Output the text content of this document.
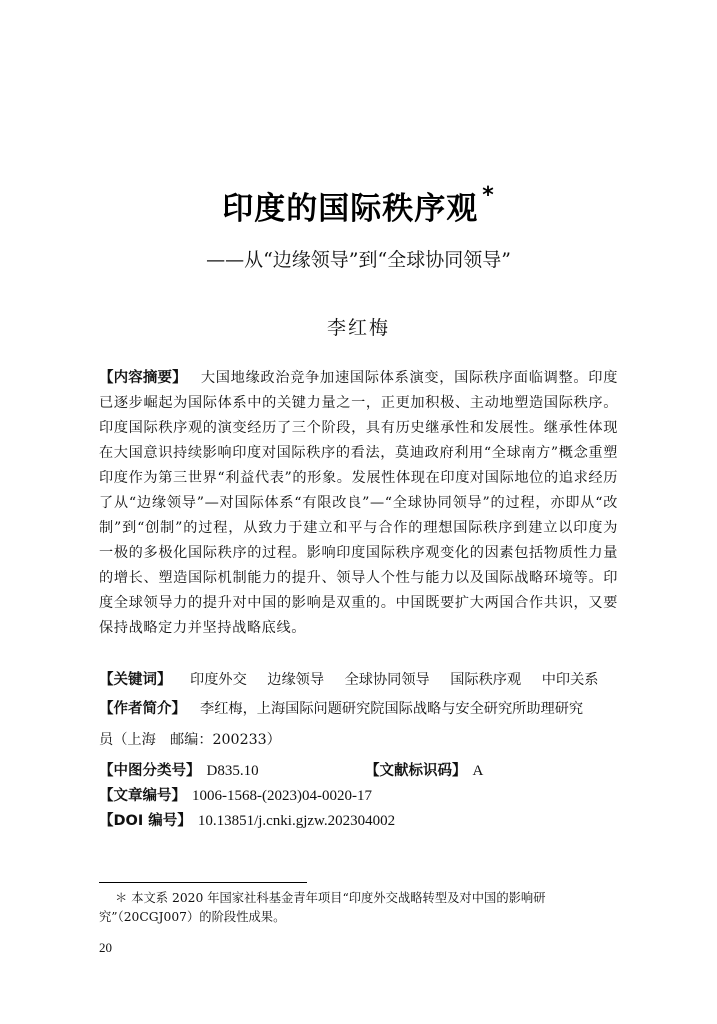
印度的国际秩序观 *
——从“边缘领导”到“全球协同领导”
李红梅
【内容摘要】 大国地缘政治竞争加速国际体系演变，国际秩序面临调整。印度已逐步崛起为国际体系中的关键力量之一，正更加积极、主动地塑造国际秩序。印度国际秩序观的演变经历了三个阶段，具有历史继承性和发展性。继承性体现在大国意识持续影响印度对国际秩序的看法，莫迪政府利用“全球南方”概念重塑印度作为第三世界“利益代表”的形象。发展性体现在印度对国际地位的追求经历了从“边缘领导”—对国际体系“有限改良”—“全球协同领导”的过程，亦即从“改制”到“创制”的过程，从致力于建立和平与合作的理想国际秩序到建立以印度为一极的多极化国际秩序的过程。影响印度国际秩序观变化的因素包括物质性力量的增长、塑造国际机制能力的提升、领导人个性与能力以及国际战略环境等。印度全球领导力的提升对中国的影响是双重的。中国既要扩大两国合作共识，又要保持战略定力并坚持战略底线。
【关键词】 印度外交 边缘领导 全球协同领导 国际秩序观 中印关系
【作者简介】 李红梅，上海国际问题研究院国际战略与安全研究所助理研究
员（上海　邮编：200233）
【中图分类号】 D835.10	【文献标识码】 A
【文章编号】 1006-1568-(2023)04-0020-17
【DOI 编号】 10.13851/j.cnki.gjzw.202304002
＊ 本文系 2020 年国家社科基金青年项目“印度外交战略转型及对中国的影响研究”（20CGJ007）的阶段性成果。
20
